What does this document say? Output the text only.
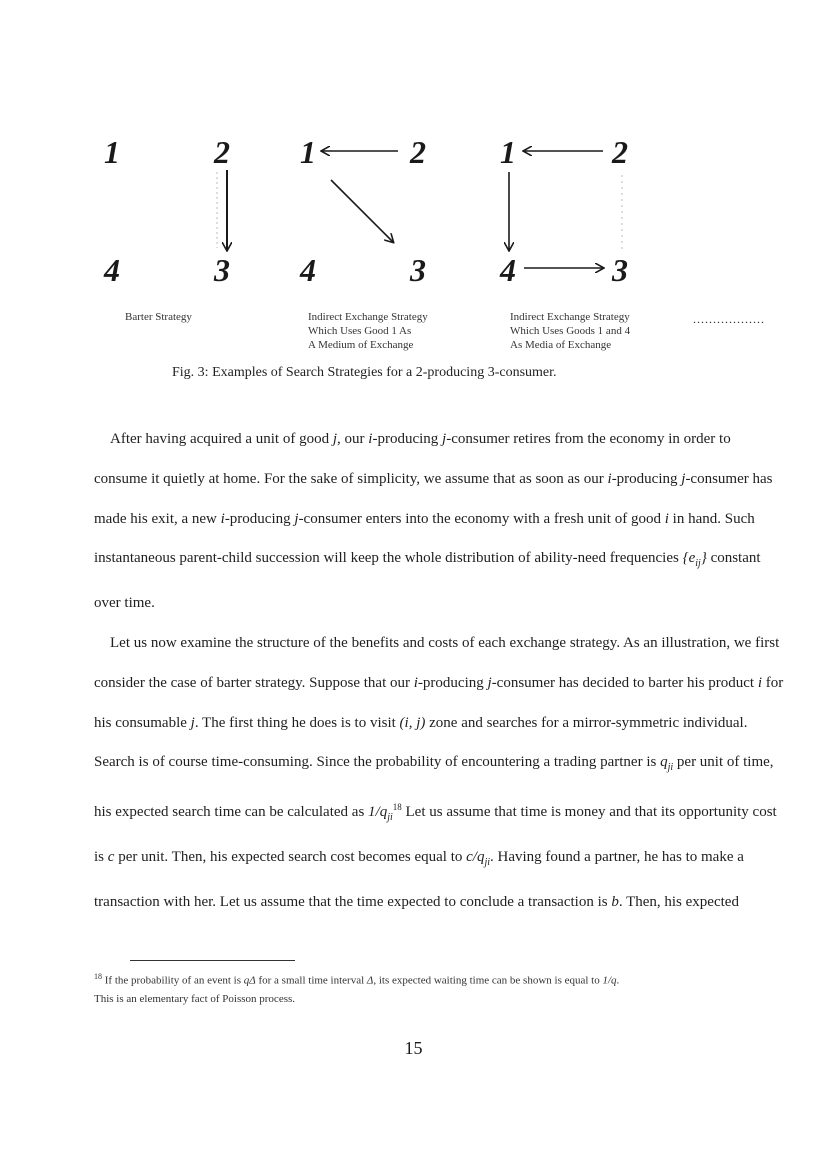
1	2
4	3
Barter Strategy
1	2
4	3
Indirect Exchange Strategy
Which Uses Good 1 As
A Medium of Exchange
1	2
4	3
Indirect Exchange Strategy
Which Uses Goods 1 and 4
As Media of Exchange
..................
Fig. 3: Examples of Search Strategies for a 2-producing 3-consumer.

After having acquired a unit of good j, our i-producing j-consumer retires from the economy in order to consume it quietly at home. For the sake of simplicity, we assume that as soon as our i-producing j-consumer has made his exit, a new i-producing j-consumer enters into the economy with a fresh unit of good i in hand. Such instantaneous parent-child succession will keep the whole distribution of ability-need frequencies $\{e_{ij}\}$ constant over time.

Let us now examine the structure of the benefits and costs of each exchange strategy. As an illustration, we first consider the case of barter strategy. Suppose that our i-producing j-consumer has decided to barter his product i for his consumable j. The first thing he does is to visit (i, j) zone and searches for a mirror-symmetric individual. Search is of course time-consuming. Since the probability of encountering a trading partner is $q_{ji}$ per unit of time, his expected search time can be calculated as $1/q_{ji}^{18}$ Let us assume that time is money and that its opportunity cost is c per unit. Then, his expected search cost becomes equal to $c/q_{ji}$. Having found a partner, he has to make a transaction with her. Let us assume that the time expected to conclude a transaction is b. Then, his expected

$^{18}$ If the probability of an event is qΔ for a small time interval Δ, its expected waiting time can be shown is equal to 1/q.
This is an elementary fact of Poisson process.
15
